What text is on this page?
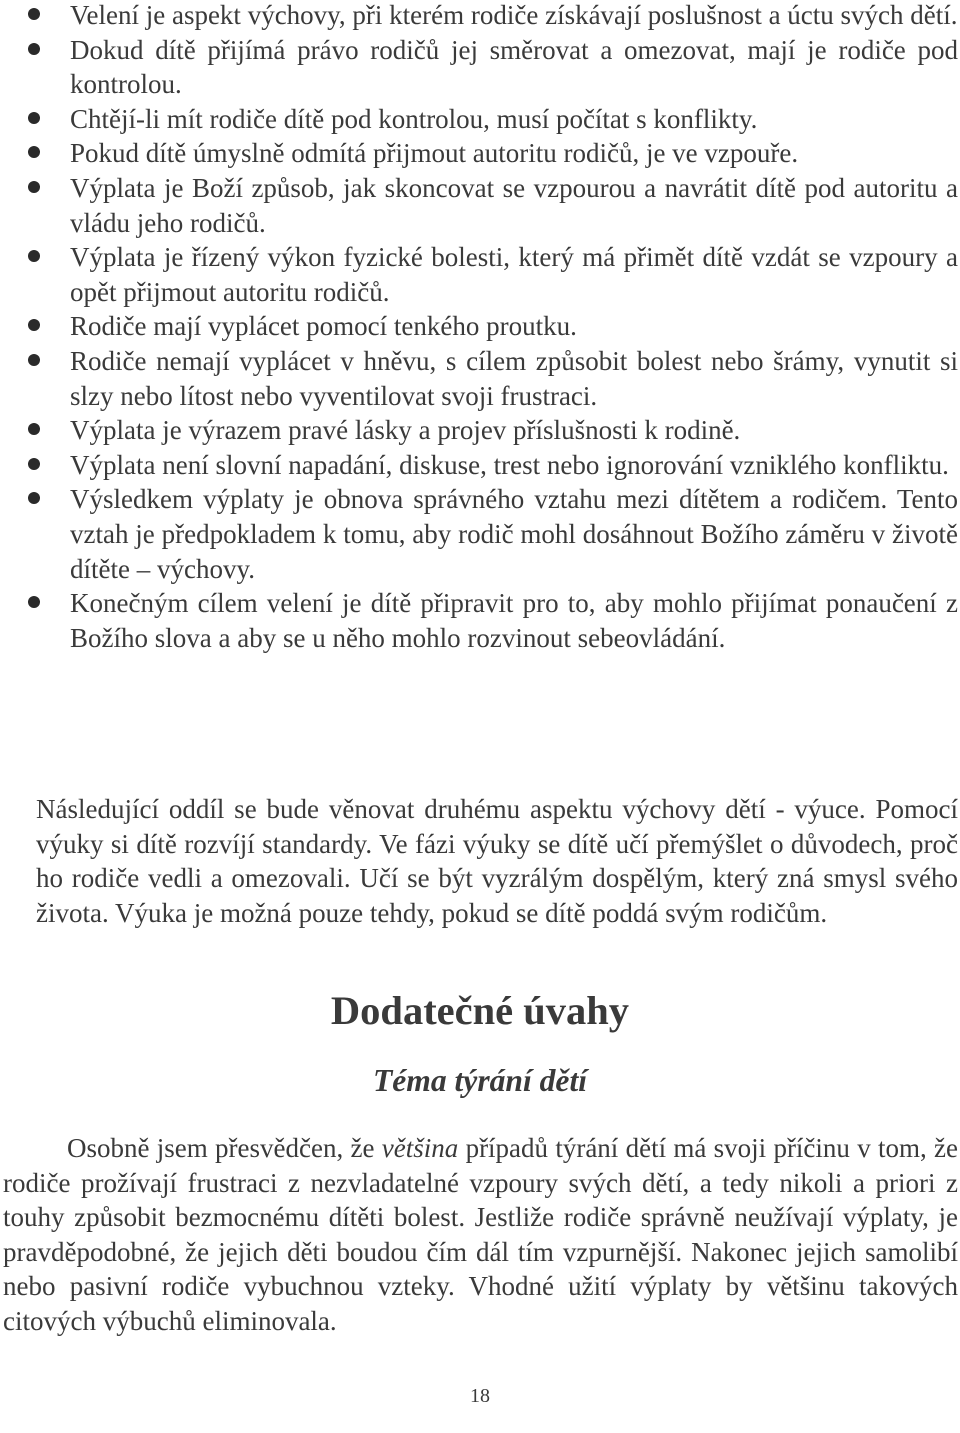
Velení je aspekt výchovy, při kterém rodiče získávají poslušnost a úctu svých dětí.
Dokud dítě přijímá právo rodičů jej směrovat a omezovat, mají je rodiče pod kontrolou.
Chtějí-li mít rodiče dítě pod kontrolou, musí počítat s konflikty.
Pokud dítě úmyslně odmítá přijmout autoritu rodičů, je ve vzpouře.
Výplata je Boží způsob, jak skoncovat se vzpourou a navrátit dítě pod autoritu a vládu jeho rodičů.
Výplata je řízený výkon fyzické bolesti, který má přimět dítě vzdát se vzpoury a opět přijmout autoritu rodičů.
Rodiče mají vyplácet pomocí tenkého proutku.
Rodiče nemají vyplácet v hněvu, s cílem způsobit bolest nebo šrámy, vynutit si slzy nebo lítost nebo vyventilovat svoji frustraci.
Výplata je výrazem pravé lásky a projev příslušnosti k rodině.
Výplata není slovní napadání, diskuse, trest nebo ignorování vzniklého konfliktu.
Výsledkem výplaty je obnova správného vztahu mezi dítětem a rodičem. Tento vztah je předpokladem k tomu, aby rodič mohl dosáhnout Božího záměru v životě dítěte – výchovy.
Konečným cílem velení je dítě připravit pro to, aby mohlo přijímat ponaučení z Božího slova a aby se u něho mohlo rozvinout sebeovládání.

Následující oddíl se bude věnovat druhému aspektu výchovy dětí - výuce. Pomocí výuky si dítě rozvíjí standardy. Ve fázi výuky se dítě učí přemýšlet o důvodech, proč ho rodiče vedli a omezovali. Učí se být vyzrálým dospělým, který zná smysl svého života. Výuka je možná pouze tehdy, pokud se dítě poddá svým rodičům.

Dodatečné úvahy
Téma týrání dětí

Osobně jsem přesvědčen, že většina případů týrání dětí má svoji příčinu v tom, že rodiče prožívají frustraci z nezvladatelné vzpoury svých dětí, a tedy nikoli a priori z touhy způsobit bezmocnému dítěti bolest. Jestliže rodiče správně neužívají výplaty, je pravděpodobné, že jejich děti boudou čím dál tím vzpurnější. Nakonec jejich samolibí nebo pasivní rodiče vybuchnou vzteky. Vhodné užití výplaty by většinu takových citových výbuchů eliminovala.

18
